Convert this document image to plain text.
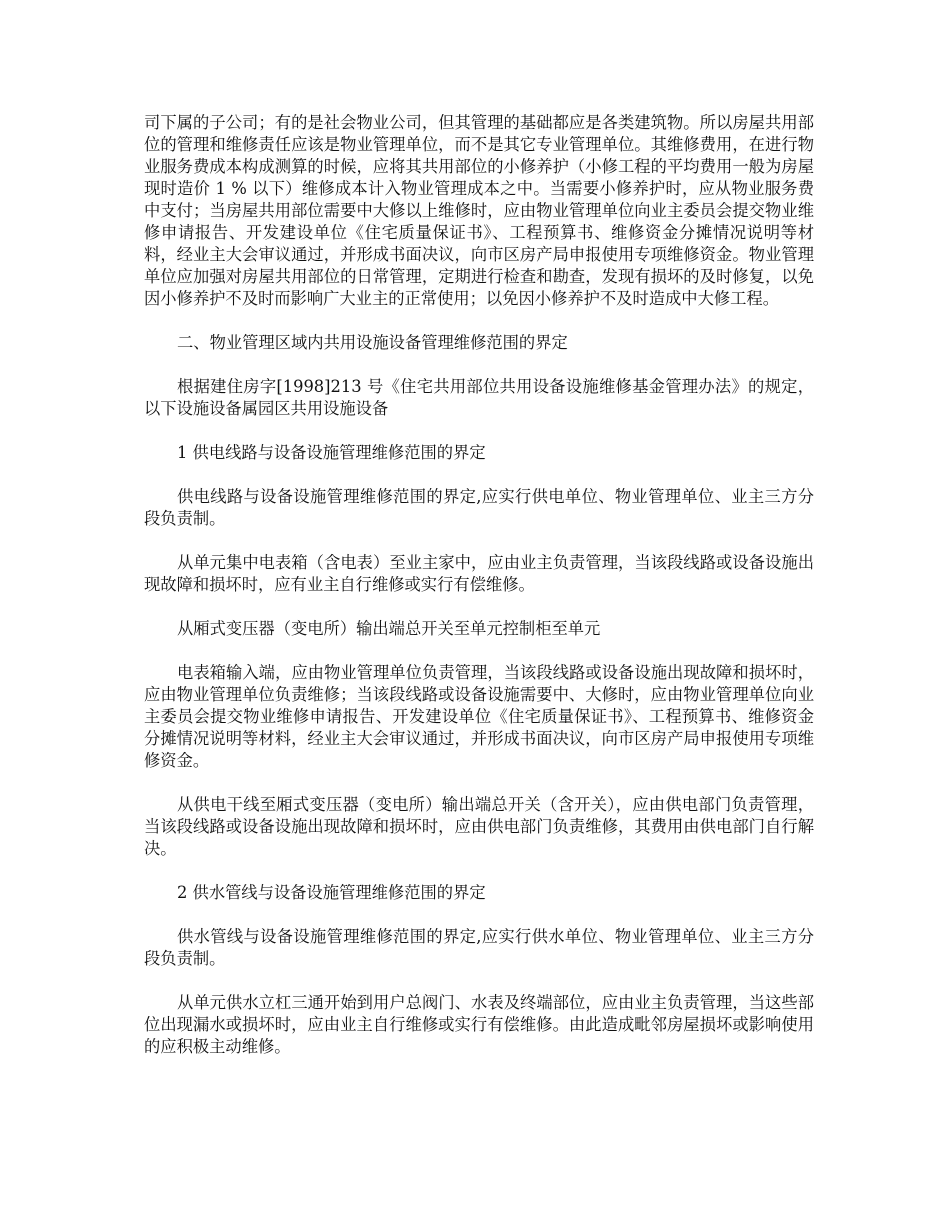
司下属的子公司；有的是社会物业公司，但其管理的基础都应是各类建筑物。所以房屋共用部位的管理和维修责任应该是物业管理单位，而不是其它专业管理单位。其维修费用，在进行物业服务费成本构成测算的时候，应将其共用部位的小修养护（小修工程的平均费用一般为房屋现时造价 1 % 以下）维修成本计入物业管理成本之中。当需要小修养护时，应从物业服务费中支付；当房屋共用部位需要中大修以上维修时，应由物业管理单位向业主委员会提交物业维修申请报告、开发建设单位《住宅质量保证书》、工程预算书、维修资金分摊情况说明等材料，经业主大会审议通过，并形成书面决议，向市区房产局申报使用专项维修资金。物业管理单位应加强对房屋共用部位的日常管理，定期进行检查和勘查，发现有损坏的及时修复，以免因小修养护不及时而影响广大业主的正常使用；以免因小修养护不及时造成中大修工程。

二、物业管理区域内共用设施设备管理维修范围的界定

根据建住房字[1998]213 号《住宅共用部位共用设备设施维修基金管理办法》的规定，以下设施设备属园区共用设施设备

1 供电线路与设备设施管理维修范围的界定

供电线路与设备设施管理维修范围的界定,应实行供电单位、物业管理单位、业主三方分段负责制。

从单元集中电表箱（含电表）至业主家中，应由业主负责管理，当该段线路或设备设施出现故障和损坏时，应有业主自行维修或实行有偿维修。

从厢式变压器（变电所）输出端总开关至单元控制柜至单元

电表箱输入端，应由物业管理单位负责管理，当该段线路或设备设施出现故障和损坏时，应由物业管理单位负责维修；当该段线路或设备设施需要中、大修时，应由物业管理单位向业主委员会提交物业维修申请报告、开发建设单位《住宅质量保证书》、工程预算书、维修资金分摊情况说明等材料，经业主大会审议通过，并形成书面决议，向市区房产局申报使用专项维修资金。

从供电干线至厢式变压器（变电所）输出端总开关（含开关），应由供电部门负责管理，当该段线路或设备设施出现故障和损坏时，应由供电部门负责维修，其费用由供电部门自行解决。

2 供水管线与设备设施管理维修范围的界定

供水管线与设备设施管理维修范围的界定,应实行供水单位、物业管理单位、业主三方分段负责制。

从单元供水立杠三通开始到用户总阀门、水表及终端部位，应由业主负责管理，当这些部位出现漏水或损坏时，应由业主自行维修或实行有偿维修。由此造成毗邻房屋损坏或影响使用的应积极主动维修。
